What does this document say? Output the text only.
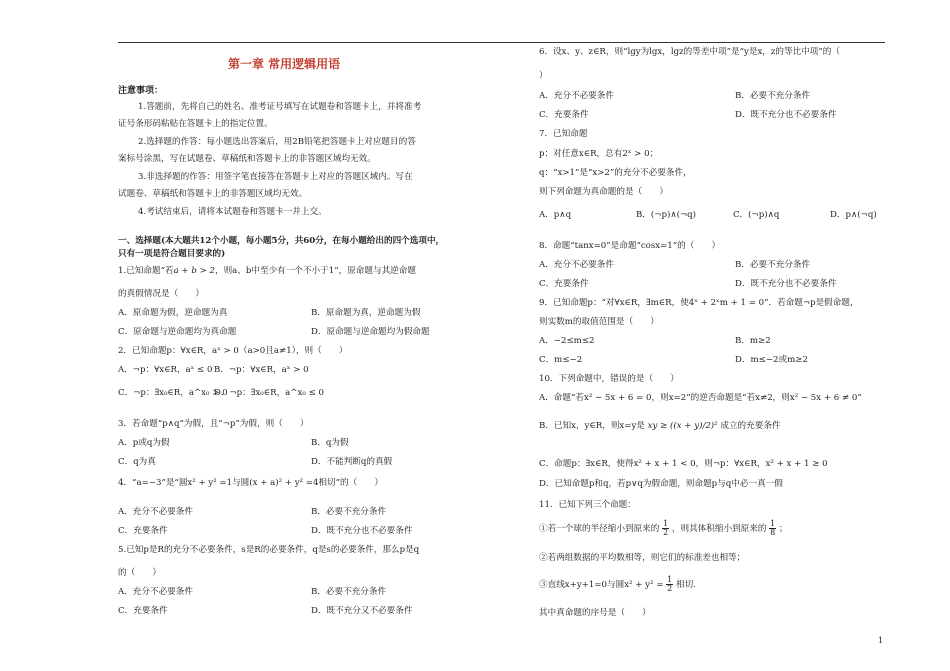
第一章 常用逻辑用语
注意事项：
1.答题前，先将自己的姓名、准考证号填写在试题卷和答题卡上，并将准考
证号条形码粘贴在答题卡上的指定位置。
2.选择题的作答：每小题选出答案后，用2B铅笔把答题卡上对应题目的答
案标号涂黑，写在试题卷、草稿纸和答题卡上的非答题区域均无效。
3.非选择题的作答：用签字笔直接答在答题卡上对应的答题区域内。写在
试题卷、草稿纸和答题卡上的非答题区域均无效。
4.考试结束后，请将本试题卷和答题卡一并上交。
一、选择题(本大题共12个小题，每小题5分，共60分，在每小题给出的四个选项中，
只有一项是符合题目要求的)
1.已知命题“若a + b > 2，则a、b中至少有一个不小于1”，原命题与其逆命题
的真假情况是（　　）
A．原命题为假，逆命题为真	B．原命题为真，逆命题为假
C．原命题与逆命题均为真命题	D．原命题与逆命题均为假命题
2．已知命题p：∀x∈R，aˣ > 0（a>0且a≠1），则（　　）
A．¬p：∀x∈R，aˣ ≤ 0 B．¬p：∀x∈R，aˣ > 0
C．¬p：∃x₀∈R，a^x₀ > 0
D．¬p：∃x₀∈R，a^x₀ ≤ 0
3．若命题“p∧q”为假，且“¬p”为假，则（　　）
A．p或q为假	B．q为假
C．q为真	D．不能判断q的真假
4．“a=−3”是“圆x² + y² =1与圆(x + a)² + y² =4相切”的（　　）
A．充分不必要条件	B．必要不充分条件
C．充要条件	D．既不充分也不必要条件
5.已知p是R的充分不必要条件，s是R的必要条件，q是s的必要条件，那么p是q
的（　　）
A．充分不必要条件	B．必要不充分条件
C．充要条件	D．既不充分又不必要条件
6．设x、y、z∈R，则“lgy为lgx，lgz的等差中项”是“y是x，z的等比中项”的（
）
A．充分不必要条件	B．必要不充分条件
C．充要条件	D．既不充分也不必要条件
7．已知命题
p：对任意x∈R，总有2ˣ > 0；
q：“x>1”是“x>2”的充分不必要条件，
则下列命题为真命题的是（　　）
A．p∧q	B．(¬p)∧(¬q)	C．(¬p)∧q	D．p∧(¬q)
8．命题“tanx=0”是命题“cosx=1”的（　　）
A．充分不必要条件	B．必要不充分条件
C．充要条件	D．既不充分也不必要条件
9．已知命题p：“对∀x∈R，∃m∈R，使4ˣ + 2ˣm + 1 = 0”．若命题¬p是假命题，
则实数m的取值范围是（　　）
A．−2≤m≤2	B．m≥2
C．m≤−2	D．m≤−2或m≥2
10．下列命题中，错误的是（　　）
A．命题“若x² − 5x + 6 = 0，则x=2”的逆否命题是“若x≠2，则x² − 5x + 6 ≠ 0”
B．已知x，y∈R，则x=y是 xy ≥ ((x + y)/2)² 成立的充要条件
C．命题p：∃x∈R，使得x² + x + 1 < 0，则¬p：∀x∈R，x² + x + 1 ≥ 0
D．已知命题p和q，若p∨q为假命题，则命题p与q中必一真一假
11．已知下列三个命题：
①若一个球的半径缩小到原来的 $\frac{1}{2}$ ，则其体积缩小到原来的 $\frac{1}{8}$ ；
②若两组数据的平均数相等，则它们的标准差也相等；
③直线x+y+1=0与圆$x^2 + y^2 = \frac{1}{2}$ 相切.
其中真命题的序号是（　　）
1
